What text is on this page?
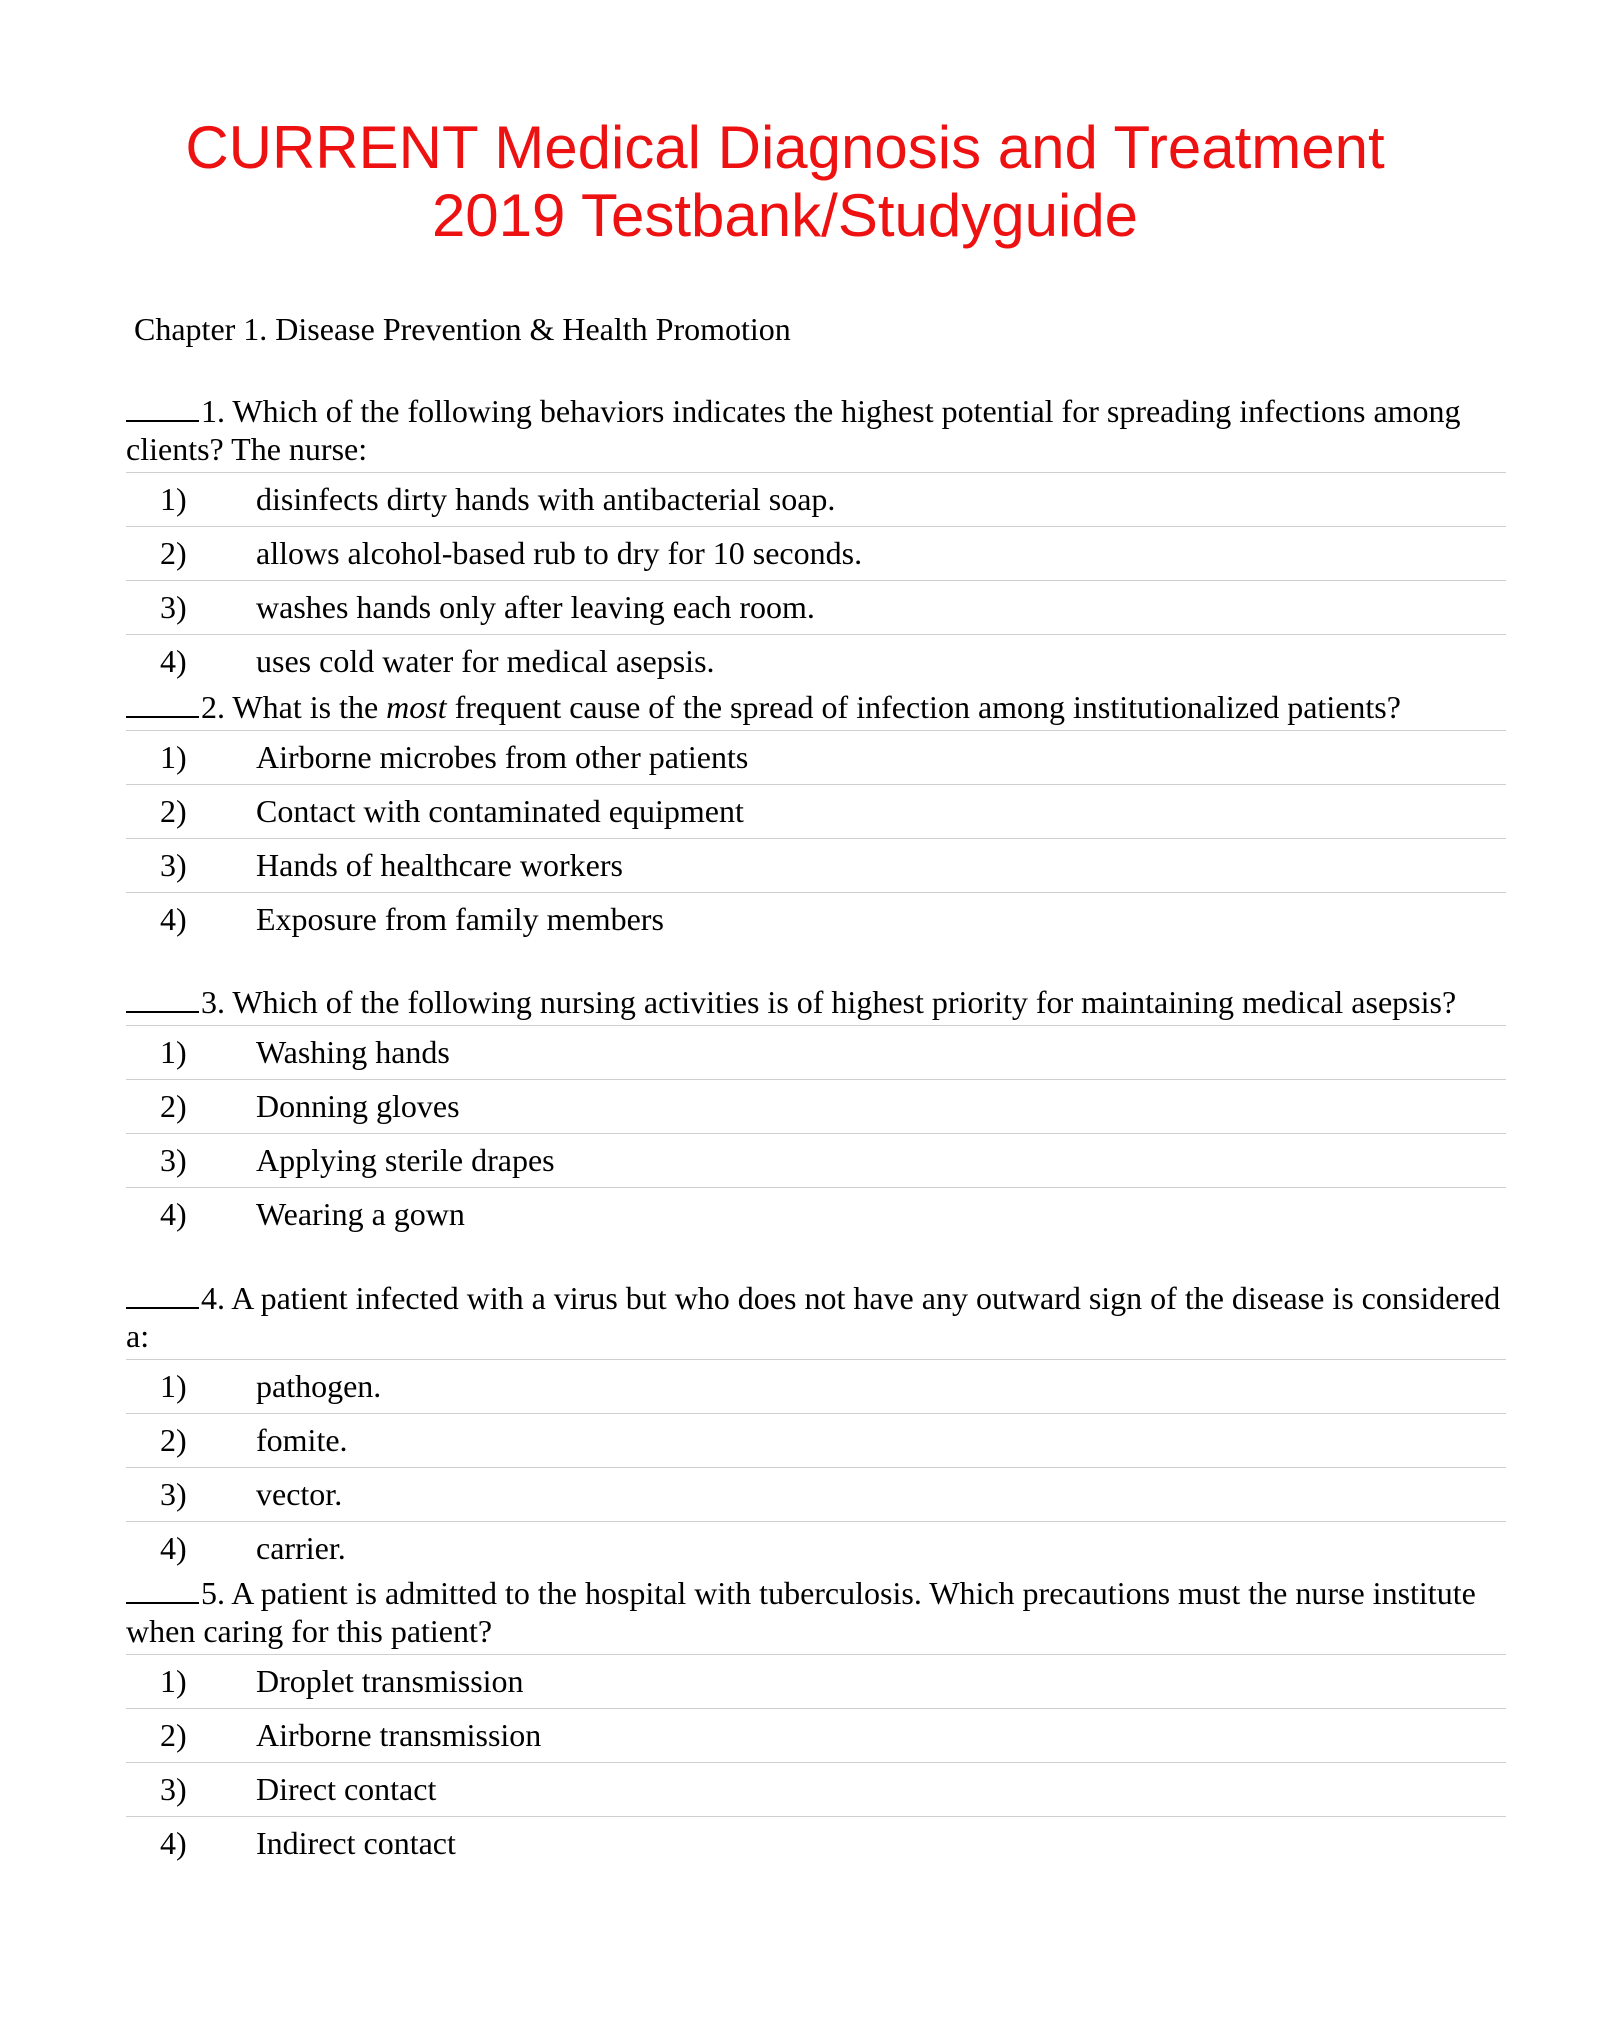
CURRENT Medical Diagnosis and Treatment
2019 Testbank/Studyguide
Chapter 1. Disease Prevention & Health Promotion

1. Which of the following behaviors indicates the highest potential for spreading infections among clients? The nurse:

1) disinfects dirty hands with antibacterial soap.
2) allows alcohol-based rub to dry for 10 seconds.
3) washes hands only after leaving each room.
4) uses cold water for medical asepsis.

2. What is the most frequent cause of the spread of infection among institutionalized patients?

1) Airborne microbes from other patients
2) Contact with contaminated equipment
3) Hands of healthcare workers
4) Exposure from family members

3. Which of the following nursing activities is of highest priority for maintaining medical asepsis?

1) Washing hands
2) Donning gloves
3) Applying sterile drapes
4) Wearing a gown

4. A patient infected with a virus but who does not have any outward sign of the disease is considered a:

1) pathogen.
2) fomite.
3) vector.
4) carrier.

5. A patient is admitted to the hospital with tuberculosis. Which precautions must the nurse institute when caring for this patient?

1) Droplet transmission
2) Airborne transmission
3) Direct contact
4) Indirect contact
